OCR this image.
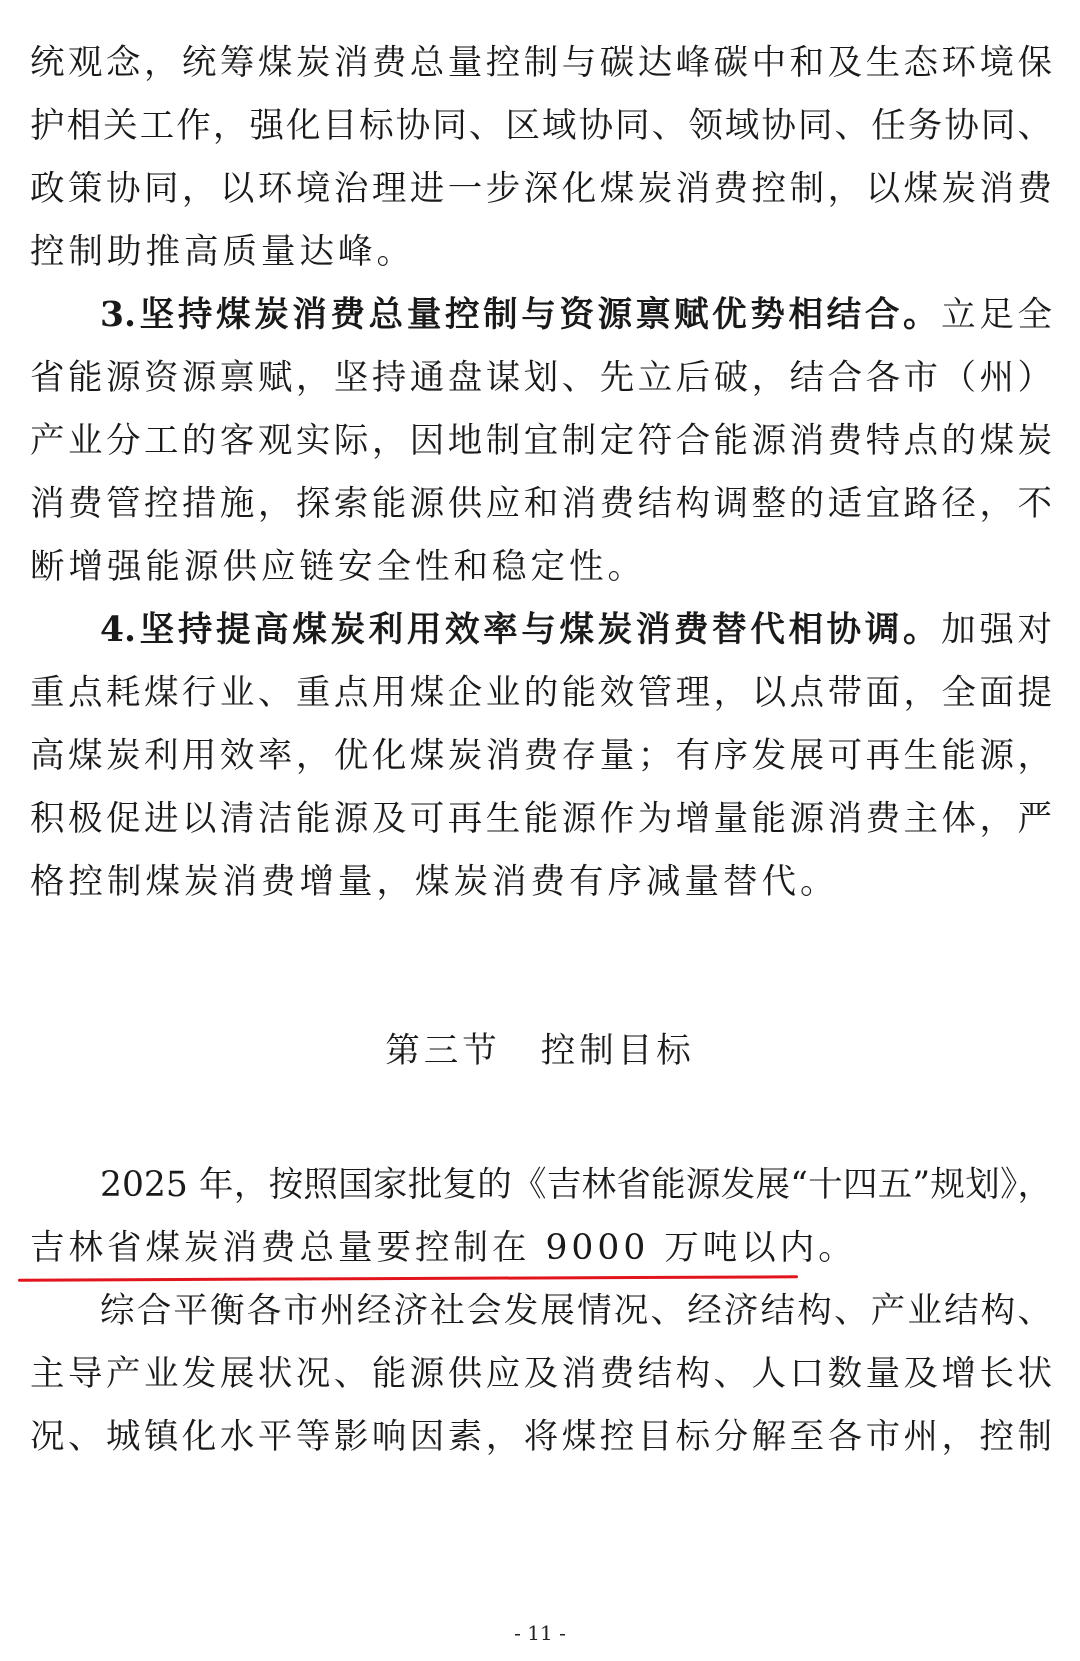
统观念，统筹煤炭消费总量控制与碳达峰碳中和及生态环境保
护相关工作，强化目标协同、区域协同、领域协同、任务协同、
政策协同，以环境治理进一步深化煤炭消费控制，以煤炭消费
控制助推高质量达峰。
3.坚持煤炭消费总量控制与资源禀赋优势相结合。立足全
省能源资源禀赋，坚持通盘谋划、先立后破，结合各市（州）
产业分工的客观实际，因地制宜制定符合能源消费特点的煤炭
消费管控措施，探索能源供应和消费结构调整的适宜路径，不
断增强能源供应链安全性和稳定性。
4.坚持提高煤炭利用效率与煤炭消费替代相协调。加强对
重点耗煤行业、重点用煤企业的能效管理，以点带面，全面提
高煤炭利用效率，优化煤炭消费存量；有序发展可再生能源，
积极促进以清洁能源及可再生能源作为增量能源消费主体，严
格控制煤炭消费增量，煤炭消费有序减量替代。
第三节 控制目标
2025 年，按照国家批复的《吉林省能源发展“十四五”规划》，
吉林省煤炭消费总量要控制在 9000 万吨以内。
综合平衡各市州经济社会发展情况、经济结构、产业结构、
主导产业发展状况、能源供应及消费结构、人口数量及增长状
况、城镇化水平等影响因素，将煤控目标分解至各市州，控制
- 11 -
